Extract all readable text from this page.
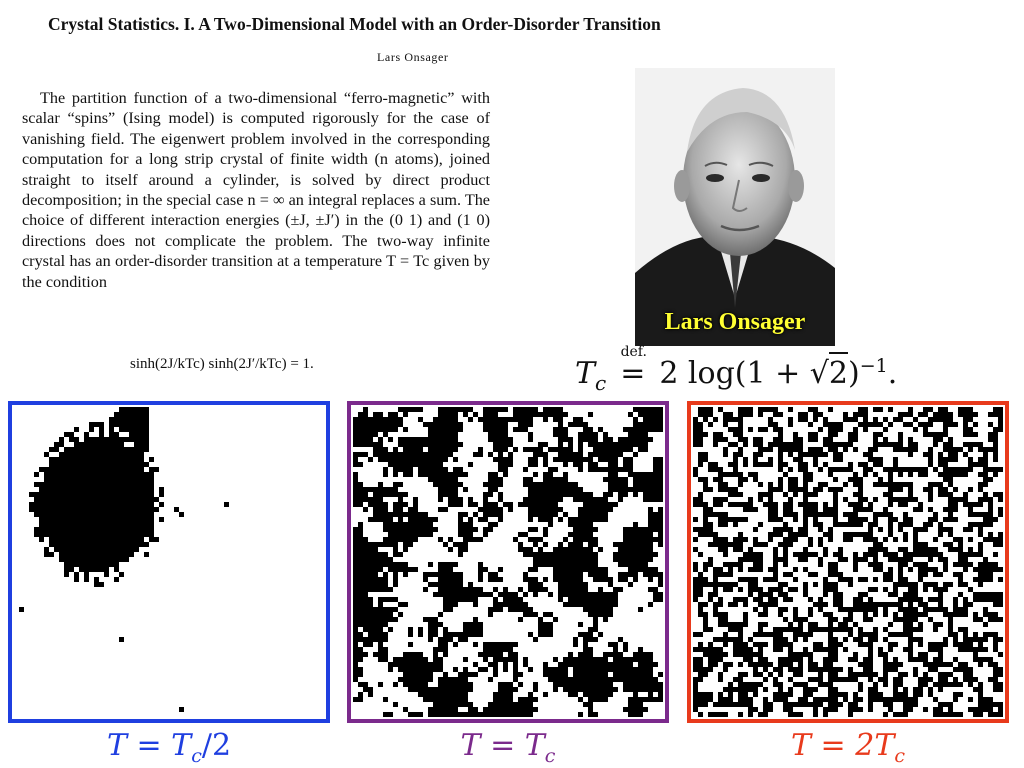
Crystal Statistics. I. A Two-Dimensional Model with an Order-Disorder Transition
Lars Onsager

The partition function of a two-dimensional “ferro-magnetic” with scalar “spins” (Ising model) is computed rigorously for the case of vanishing field. The eigenwert problem involved in the corresponding computation for a long strip crystal of finite width (n atoms), joined straight to itself around a cylinder, is solved by direct product decomposition; in the special case n = ∞ an integral replaces a sum. The choice of different interaction energies (±J, ±J′) in the (0 1) and (1 0) directions does not complicate the problem. The two-way infinite crystal has an order-disorder transition at a temperature T = Tc given by the condition

sinh(2J/kTc) sinh(2J′/kTc) = 1.
Lars Onsager
$T_c$
def.
= 2 $\log(1 + √2)^{-1}$.
$T = T_c/2$	$T = T_c$	$T = 2T_c$
